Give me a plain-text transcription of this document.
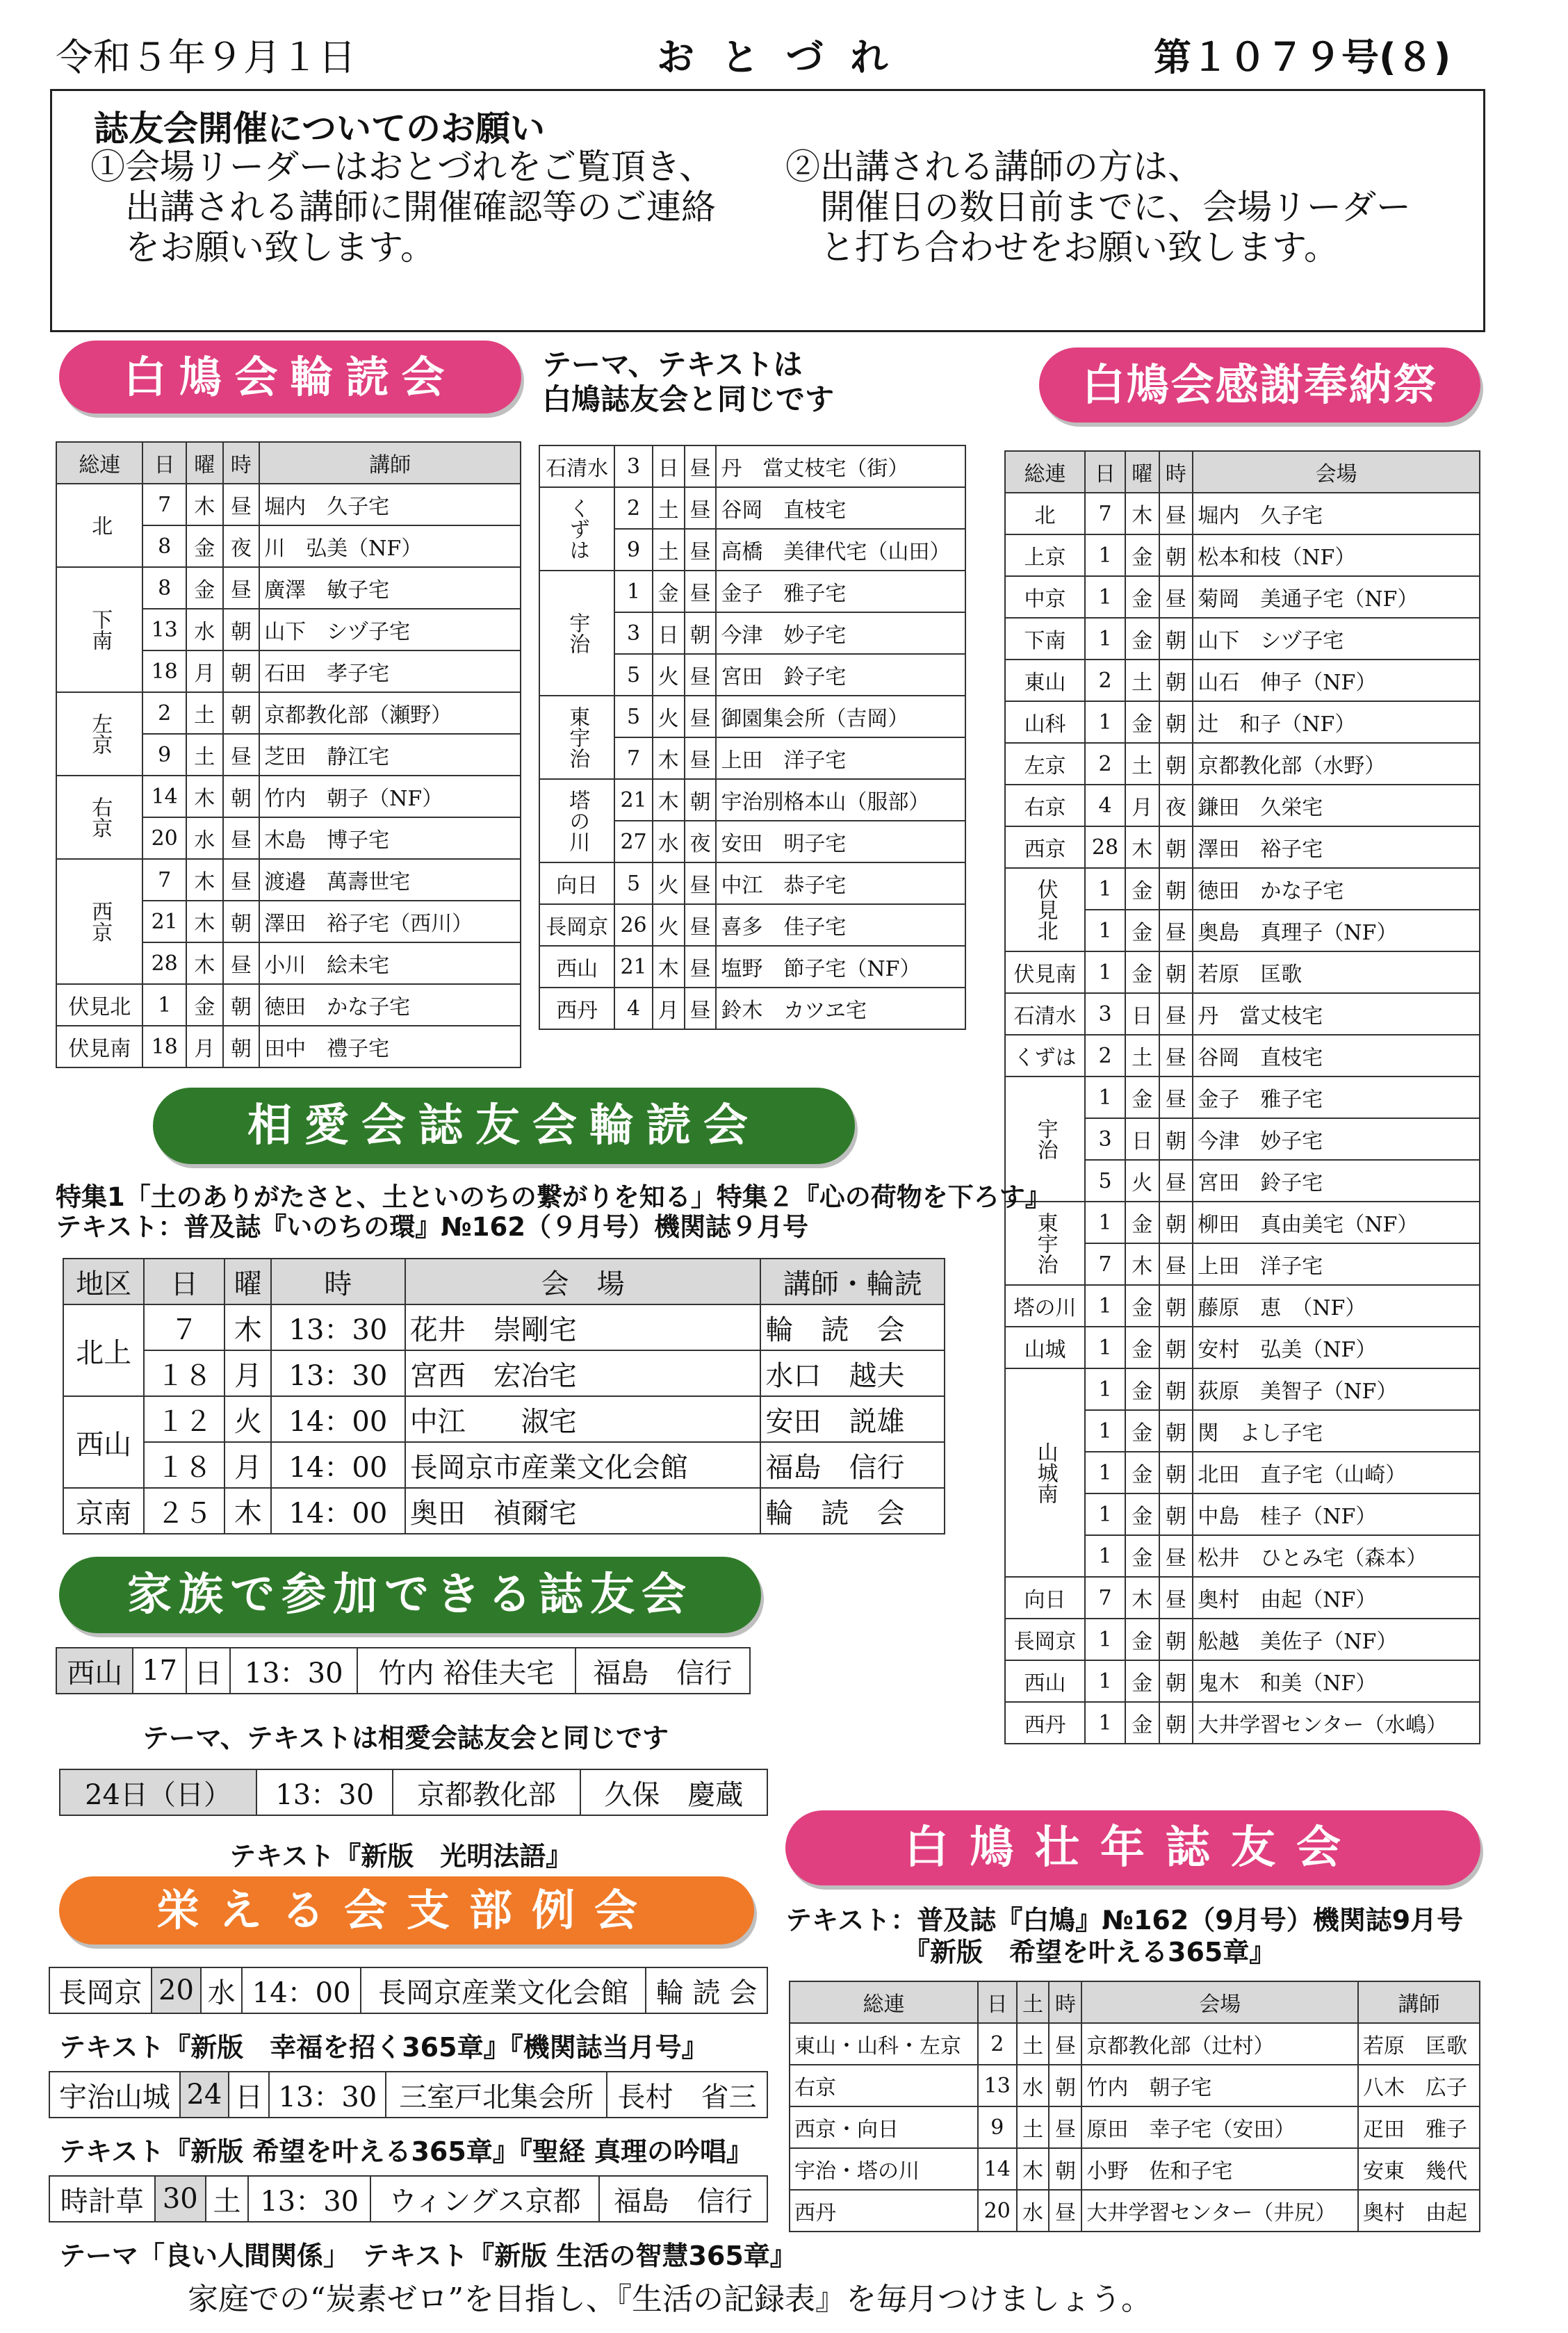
令和５年９月１日	お と づ れ	第１０７９号(８)
誌友会開催についてのお願い
①会場リーダーはおとづれをご覧頂き、
　出講される講師に開催確認等のご連絡
　をお願い致します。
②出講される講師の方は、
　開催日の数日前までに、会場リーダー
　と打ち合わせをお願い致します。
白鳩会輪読会	テーマ、テキストは
白鳩誌友会と同じです
総連	日	曜	時	講師
北	7	木	昼	堀内　久子宅
	8	金	夜	川　弘美（NF）
下南	8	金	昼	廣澤　敏子宅
	13	水	朝	山下　シヅ子宅
	18	月	朝	石田　孝子宅
左京	2	土	朝	京都教化部（瀬野）
	9	土	昼	芝田　静江宅
右京	14	木	朝	竹内　朝子（NF）
	20	水	昼	木島　博子宅
西京	7	木	昼	渡邉　萬壽世宅
	21	木	朝	澤田　裕子宅（西川）
	28	木	昼	小川　絵未宅
伏見北	1	金	朝	徳田　かな子宅
伏見南	18	月	朝	田中　禮子宅
石清水	3	日	昼	丹　當丈枝宅（街）
くずは	2	土	昼	谷岡　直枝宅
	9	土	昼	高橋　美律代宅（山田）
宇治	1	金	昼	金子　雅子宅
	3	日	朝	今津　妙子宅
	5	火	昼	宮田　鈴子宅
東宇治	5	火	昼	御園集会所（吉岡）
	7	木	昼	上田　洋子宅
塔の川	21	木	朝	宇治別格本山（服部）
	27	水	夜	安田　明子宅
向日	5	火	昼	中江　恭子宅
長岡京	26	火	昼	喜多　佳子宅
西山	21	木	昼	塩野　節子宅（NF）
西丹	4	月	昼	鈴木　カツヱ宅
白鳩会感謝奉納祭
総連	日	曜	時	会場
北	7	木	昼	堀内　久子宅
上京	1	金	朝	松本和枝（NF）
中京	1	金	昼	菊岡　美通子宅（NF）
下南	1	金	朝	山下　シヅ子宅
東山	2	土	朝	山石　伸子（NF）
山科	1	金	朝	辻　和子（NF）
左京	2	土	朝	京都教化部（水野）
右京	4	月	夜	鎌田　久栄宅
西京	28	木	朝	澤田　裕子宅
伏見北	1	金	朝	徳田　かな子宅
	1	金	昼	奥島　真理子（NF）
伏見南	1	金	朝	若原　匡歌
石清水	3	日	昼	丹　當丈枝宅
くずは	2	土	昼	谷岡　直枝宅
宇治	1	金	昼	金子　雅子宅
	3	日	朝	今津　妙子宅
	5	火	昼	宮田　鈴子宅
東宇治	1	金	朝	柳田　真由美宅（NF）
	7	木	昼	上田　洋子宅
塔の川	1	金	朝	藤原　恵　（NF）
山城	1	金	朝	安村　弘美（NF）
山城南	1	金	朝	荻原　美智子（NF）
	1	金	朝	関　よし子宅
	1	金	朝	北田　直子宅（山崎）
	1	金	朝	中島　桂子（NF）
	1	金	昼	松井　ひとみ宅（森本）
向日	7	木	昼	奥村　由起（NF）
長岡京	1	金	朝	舩越　美佐子（NF）
西山	1	金	朝	鬼木　和美（NF）
西丹	1	金	朝	大井学習センター（水嶋）
相愛会誌友会輪読会
特集1「土のありがたさと、土といのちの繋がりを知る」特集２『心の荷物を下ろす』
テキスト：普及誌『いのちの環』№162（９月号）機関誌９月号
地区	日	曜	時	会　場	講師・輪読
北上	７	木	13：30	花井　崇剛宅	輪　読　会
	１８	月	13：30	宮西　宏冶宅	水口　越夫
西山	１２	火	14：00	中江　　淑宅	安田　説雄
	１８	月	14：00	長岡京市産業文化会館	福島　信行
京南	２５	木	14：00	奥田　禎爾宅	輪　読　会
家族で参加できる誌友会
西山	17	日	13：30	竹内 裕佳夫宅	福島　信行
テーマ、テキストは相愛会誌友会と同じです
24日（日）	13：30	京都教化部	久保　慶蔵
テキスト『新版　光明法語』
栄える会支部例会
長岡京	20	水	14：00	長岡京産業文化会館	輪 読 会
テキスト『新版　幸福を招く365章』『機関誌当月号』
宇治山城	24	日	13：30	三室戸北集会所	長村　省三
テキスト『新版 希望を叶える365章』『聖経 真理の吟唱』
時計草	30	土	13：30	ウィングス京都	福島　信行
テーマ「良い人間関係」　テキスト『新版 生活の智慧365章』
白鳩壮年誌友会
テキスト：普及誌『白鳩』№162（9月号）機関誌9月号
『新版　希望を叶える365章』
総連	日	土	時	会場	講師
東山・山科・左京	2	土	昼	京都教化部（辻村）	若原　匡歌
右京	13	水	朝	竹内　朝子宅	八木　広子
西京・向日	9	土	昼	原田　幸子宅（安田）	疋田　雅子
宇治・塔の川	14	木	朝	小野　佐和子宅	安東　幾代
西丹	20	水	昼	大井学習センター（井尻）	奥村　由起
家庭での“炭素ゼロ”を目指し、『生活の記録表』を毎月つけましょう。
